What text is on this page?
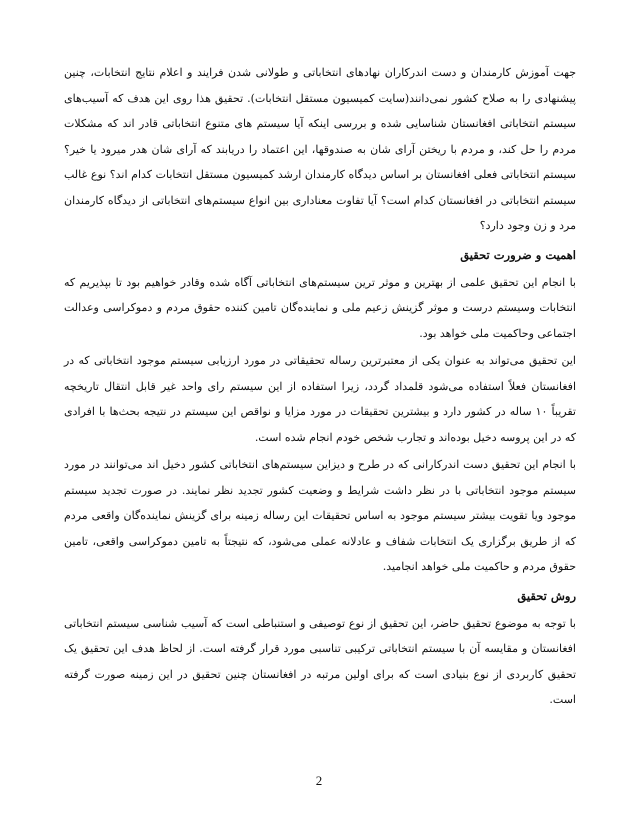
جهت آموزش کارمندان و دست اندرکاران نهادهای انتخاباتی و طولانی شدن فرایند و اعلام نتایج انتخابات، چنین پیشنهادی را به صلاح کشور نمی‌دانند(سایت کمیسیون مستقل انتخابات). تحقیق هذا روی این هدف که آسیب‌های سیستم انتخاباتی افغانستان شناسایی شده و بررسی اینکه آیا سیستم های متنوع انتخاباتی قادر اند که مشکلات مردم را حل کند، و مردم با ریختن آرای شان به صندوقها، این اعتماد را دریابند که آرای شان هدر میرود یا خیر؟ سیستم انتخاباتی فعلی افغانستان بر اساس دیدگاه کارمندان ارشد کمیسیون مستقل انتخابات کدام اند؟ نوع غالب سیستم انتخاباتی در افغانستان کدام است؟ آیا تفاوت معناداری بین انواع سیستم‌های انتخاباتی از دیدگاه کارمندان مرد و زن وجود دارد؟

اهمیت و ضرورت تحقیق

با انجام این تحقیق علمی از بهترین و موثر ترین سیستم‌های انتخاباتی آگاه شده وقادر خواهیم بود تا بپذیریم که انتخابات وسیستم درست و موثر گزینش زعیم ملی و نماینده‌گان تامین کننده حقوق مردم و دموکراسی وعدالت اجتماعی وحاکمیت ملی خواهد بود.

این تحقیق می‌تواند به عنوان یکی از معتبرترین رساله تحقیقاتی در مورد ارزیابی سیستم موجود انتخاباتی که در افغانستان فعلاً استفاده می‌شود قلمداد گردد، زیرا استفاده از این سیستم رای واحد غیر قابل انتقال تاریخچه تقریباً ۱۰ ساله در کشور دارد و بیشترین تحقیقات در مورد مزایا و نواقص این سیستم در نتیجه بحث‌ها با افرادی که در این پروسه دخیل بوده‌اند و تجارب شخص خودم انجام شده است.

با انجام این تحقیق دست اندرکارانی که در طرح و دیزاین سیستم‌های انتخاباتی کشور دخیل اند می‌توانند در مورد سیستم موجود انتخاباتی با در نظر داشت شرایط و وضعیت کشور تجدید نظر نمایند. در صورت تجدید سیستم موجود ویا تقویت بیشتر سیستم موجود به اساس تحقیقات این رساله زمینه برای گزینش نماینده‌گان واقعی مردم که از طریق برگزاری یک انتخابات شفاف و عادلانه عملی می‌شود، که نتیجتاً به تامین دموکراسی واقعی، تامین حقوق مردم و حاکمیت ملی خواهد انجامید.

روش تحقیق

با توجه به موضوع تحقیق حاضر، این تحقیق از نوع توصیفی و استنباطی است که آسیب شناسی سیستم انتخاباتی افغانستان و مقایسه آن با سیستم انتخاباتی ترکیبی تناسبی مورد قرار گرفته است. از لحاظ هدف این تحقیق یک تحقیق کاربردی از نوع بنیادی است که برای اولین مرتبه در افغانستان چنین تحقیق در این زمینه صورت گرفته است.

2
